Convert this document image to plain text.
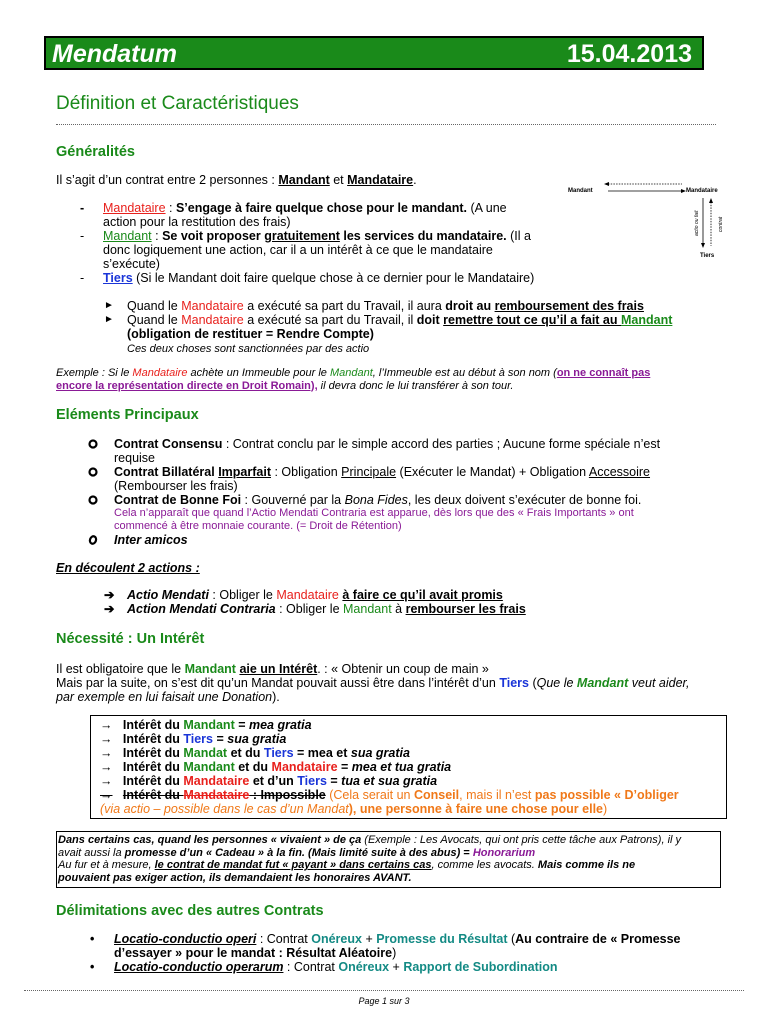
Mendatum	15.04.2013
Définition et Caractéristiques
Généralités
Il s’agit d’un contrat entre 2 personnes : Mandant et Mandataire.
- Mandataire : S’engage à faire quelque chose pour le mandant. (A une
action pour la restitution des frais)
- Mandant : Se voit proposer gratuitement les services du mandataire. (Il a
donc logiquement une action, car il a un intérêt à ce que le mandataire
s’exécute)
- Tiers (Si le Mandant doit faire quelque chose à ce dernier pour le Mandataire)
Mandant	Mandataire
actio ou fait	contrat
Tiers
► Quand le Mandataire a exécuté sa part du Travail, il aura droit au remboursement des frais
► Quand le Mandataire a exécuté sa part du Travail, il doit remettre tout ce qu’il a fait au Mandant
(obligation de restituer = Rendre Compte)
Ces deux choses sont sanctionnées par des actio
Exemple : Si le Mandataire achète un Immeuble pour le Mandant, l’Immeuble est au début à son nom (on ne connaît pas
encore la représentation directe en Droit Romain), il devra donc le lui transférer à son tour.
Eléments Principaux
Contrat Consensu : Contrat conclu par le simple accord des parties ; Aucune forme spéciale n’est
requise
Contrat Billatéral Imparfait : Obligation Principale (Exécuter le Mandat) + Obligation Accessoire
(Rembourser les frais)
Contrat de Bonne Foi : Gouverné par la Bona Fides, les deux doivent s’exécuter de bonne foi.
Cela n’apparaît que quand l’Actio Mendati Contraria est apparue, dès lors que des « Frais Importants » ont
commencé à être monnaie courante. (= Droit de Rétention)
Inter amicos
En découlent 2 actions :
➔ Actio Mendati : Obliger le Mandataire à faire ce qu’il avait promis
➔ Action Mendati Contraria : Obliger le Mandant à rembourser les frais
Nécessité : Un Intérêt
Il est obligatoire que le Mandant aie un Intérêt. : « Obtenir un coup de main »
Mais par la suite, on s’est dit qu’un Mandat pouvait aussi être dans l’intérêt d’un Tiers (Que le Mandant veut aider,
par exemple en lui faisait une Donation).
→ Intérêt du Mandant = mea gratia
→ Intérêt du Tiers = sua gratia
→ Intérêt du Mandat et du Tiers = mea et sua gratia
→ Intérêt du Mandant et du Mandataire = mea et tua gratia
→ Intérêt du Mandataire et d’un Tiers = tua et sua gratia
→ Intérêt du Mandataire : Impossible (Cela serait un Conseil, mais il n’est pas possible « D’obliger
(via actio – possible dans le cas d’un Mandat), une personne à faire une chose pour elle)
Dans certains cas, quand les personnes « vivaient » de ça (Exemple : Les Avocats, qui ont pris cette tâche aux Patrons), il y
avait aussi la promesse d’un « Cadeau » à la fin. (Mais limité suite à des abus) = Honorarium
Au fur et à mesure, le contrat de mandat fut « payant » dans certains cas, comme les avocats. Mais comme ils ne
pouvaient pas exiger action, ils demandaient les honoraires AVANT.
Délimitations avec des autres Contrats
• Locatio-conductio operi : Contrat Onéreux + Promesse du Résultat (Au contraire de « Promesse
d’essayer » pour le mandat : Résultat Aléatoire)
• Locatio-conductio operarum : Contrat Onéreux + Rapport de Subordination
Page 1 sur 3
